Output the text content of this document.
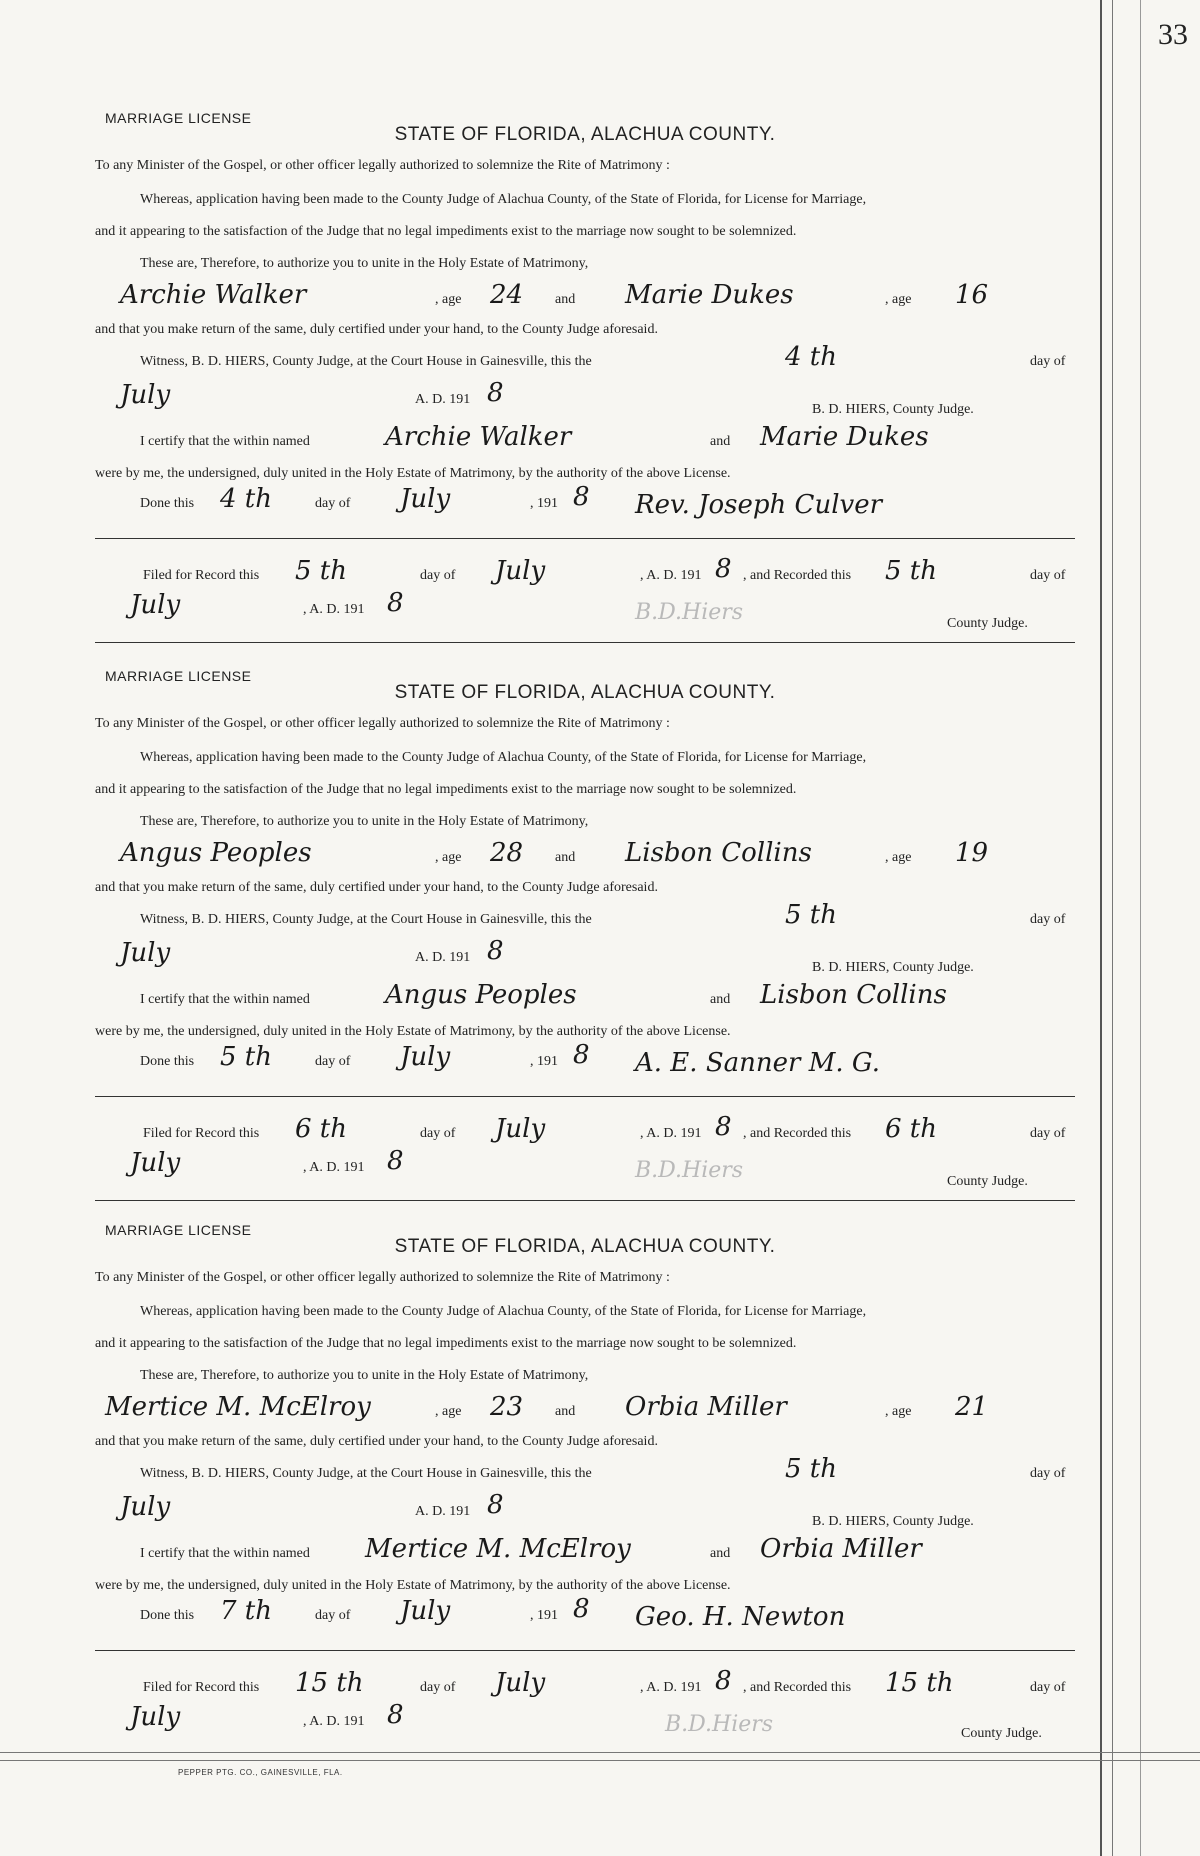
33
MARRIAGE LICENSE
STATE OF FLORIDA, ALACHUA COUNTY.
To any Minister of the Gospel, or other officer legally authorized to solemnize the Rite of Matrimony :
Whereas, application having been made to the County Judge of Alachua County, of the State of Florida, for License for Marriage,
and it appearing to the satisfaction of the Judge that no legal impediments exist to the marriage now sought to be solemnized.
These are, Therefore, to authorize you to unite in the Holy Estate of Matrimony,
Archie Walker	, age 24 and Marie Dukes	, age 16
and that you make return of the same, duly certified under your hand, to the County Judge aforesaid.
Witness, B. D. HIERS, County Judge, at the Court House in Gainesville, this the	4 th	day of
July	A. D. 191 8
B. D. HIERS, County Judge.
I certify that the within named	Archie Walker	and Marie Dukes
were by me, the undersigned, duly united in the Holy Estate of Matrimony, by the authority of the above License.
Done this 4 th	day of July	, 191 8 Rev. Joseph Culver
Filed for Record this 5 th	day of July	, A. D. 191 8 , and Recorded this 5 th	day of
July	, A. D. 191 8	B.D.Hiers	County Judge.
MARRIAGE LICENSE
STATE OF FLORIDA, ALACHUA COUNTY.
To any Minister of the Gospel, or other officer legally authorized to solemnize the Rite of Matrimony :
Whereas, application having been made to the County Judge of Alachua County, of the State of Florida, for License for Marriage,
and it appearing to the satisfaction of the Judge that no legal impediments exist to the marriage now sought to be solemnized.
These are, Therefore, to authorize you to unite in the Holy Estate of Matrimony,
Angus Peoples	, age 28 and Lisbon Collins	, age 19
and that you make return of the same, duly certified under your hand, to the County Judge aforesaid.
Witness, B. D. HIERS, County Judge, at the Court House in Gainesville, this the	5 th	day of
July	A. D. 191 8
B. D. HIERS, County Judge.
I certify that the within named	Angus Peoples	and Lisbon Collins
were by me, the undersigned, duly united in the Holy Estate of Matrimony, by the authority of the above License.
Done this 5 th	day of July	, 191 8 A. E. Sanner M. G.
Filed for Record this 6 th	day of July	, A. D. 191 8 , and Recorded this 6 th	day of
July	, A. D. 191 8	B.D.Hiers	County Judge.
MARRIAGE LICENSE
STATE OF FLORIDA, ALACHUA COUNTY.
To any Minister of the Gospel, or other officer legally authorized to solemnize the Rite of Matrimony :
Whereas, application having been made to the County Judge of Alachua County, of the State of Florida, for License for Marriage,
and it appearing to the satisfaction of the Judge that no legal impediments exist to the marriage now sought to be solemnized.
These are, Therefore, to authorize you to unite in the Holy Estate of Matrimony,
Mertice M. McElroy	, age 23 and Orbia Miller	, age 21
and that you make return of the same, duly certified under your hand, to the County Judge aforesaid.
Witness, B. D. HIERS, County Judge, at the Court House in Gainesville, this the	5 th	day of
July	A. D. 191 8
B. D. HIERS, County Judge.
I certify that the within named	Mertice M. McElroy	and Orbia Miller
were by me, the undersigned, duly united in the Holy Estate of Matrimony, by the authority of the above License.
Done this 7 th	day of July	, 191 8 Geo. H. Newton
Filed for Record this 15 th	day of July	, A. D. 191 8 , and Recorded this 15 th	day of
July	, A. D. 191 8	B.D.Hiers	County Judge.
PEPPER PTG. CO., GAINESVILLE, FLA.
